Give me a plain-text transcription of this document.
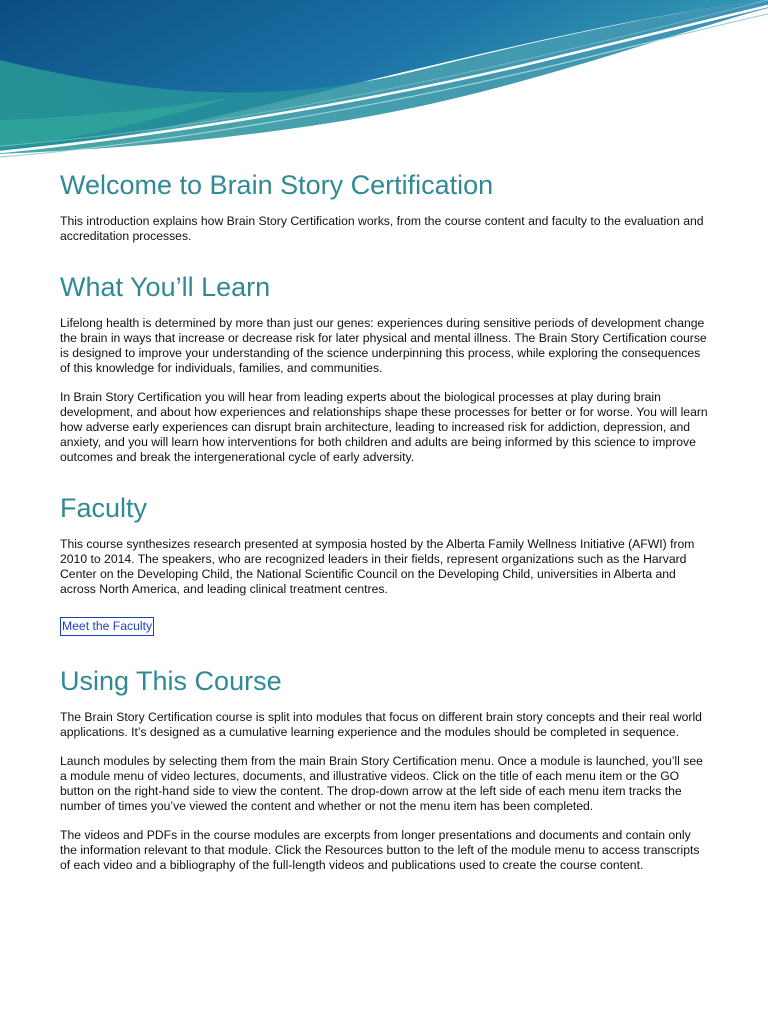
Welcome to Brain Story Certification

This introduction explains how Brain Story Certification works, from the course content and faculty to the evaluation and accreditation processes.

What You’ll Learn

Lifelong health is determined by more than just our genes: experiences during sensitive periods of development change the brain in ways that increase or decrease risk for later physical and mental illness. The Brain Story Certification course is designed to improve your understanding of the science underpinning this process, while exploring the consequences of this knowledge for individuals, families, and communities.

In Brain Story Certification you will hear from leading experts about the biological processes at play during brain development, and about how experiences and relationships shape these processes for better or for worse. You will learn how adverse early experiences can disrupt brain architecture, leading to increased risk for addiction, depression, and anxiety, and you will learn how interventions for both children and adults are being informed by this science to improve outcomes and break the intergenerational cycle of early adversity.

Faculty

This course synthesizes research presented at symposia hosted by the Alberta Family Wellness Initiative (AFWI) from 2010 to 2014. The speakers, who are recognized leaders in their fields, represent organizations such as the Harvard Center on the Developing Child, the National Scientific Council on the Developing Child, universities in Alberta and across North America, and leading clinical treatment centres.

Meet the Faculty
Using This Course

The Brain Story Certification course is split into modules that focus on different brain story concepts and their real world applications. It’s designed as a cumulative learning experience and the modules should be completed in sequence.

Launch modules by selecting them from the main Brain Story Certification menu. Once a module is launched, you’ll see a module menu of video lectures, documents, and illustrative videos. Click on the title of each menu item or the GO button on the right-hand side to view the content. The drop-down arrow at the left side of each menu item tracks the number of times you’ve viewed the content and whether or not the menu item has been completed.

The videos and PDFs in the course modules are excerpts from longer presentations and documents and contain only the information relevant to that module. Click the Resources button to the left of the module menu to access transcripts of each video and a bibliography of the full-length videos and publications used to create the course content.
